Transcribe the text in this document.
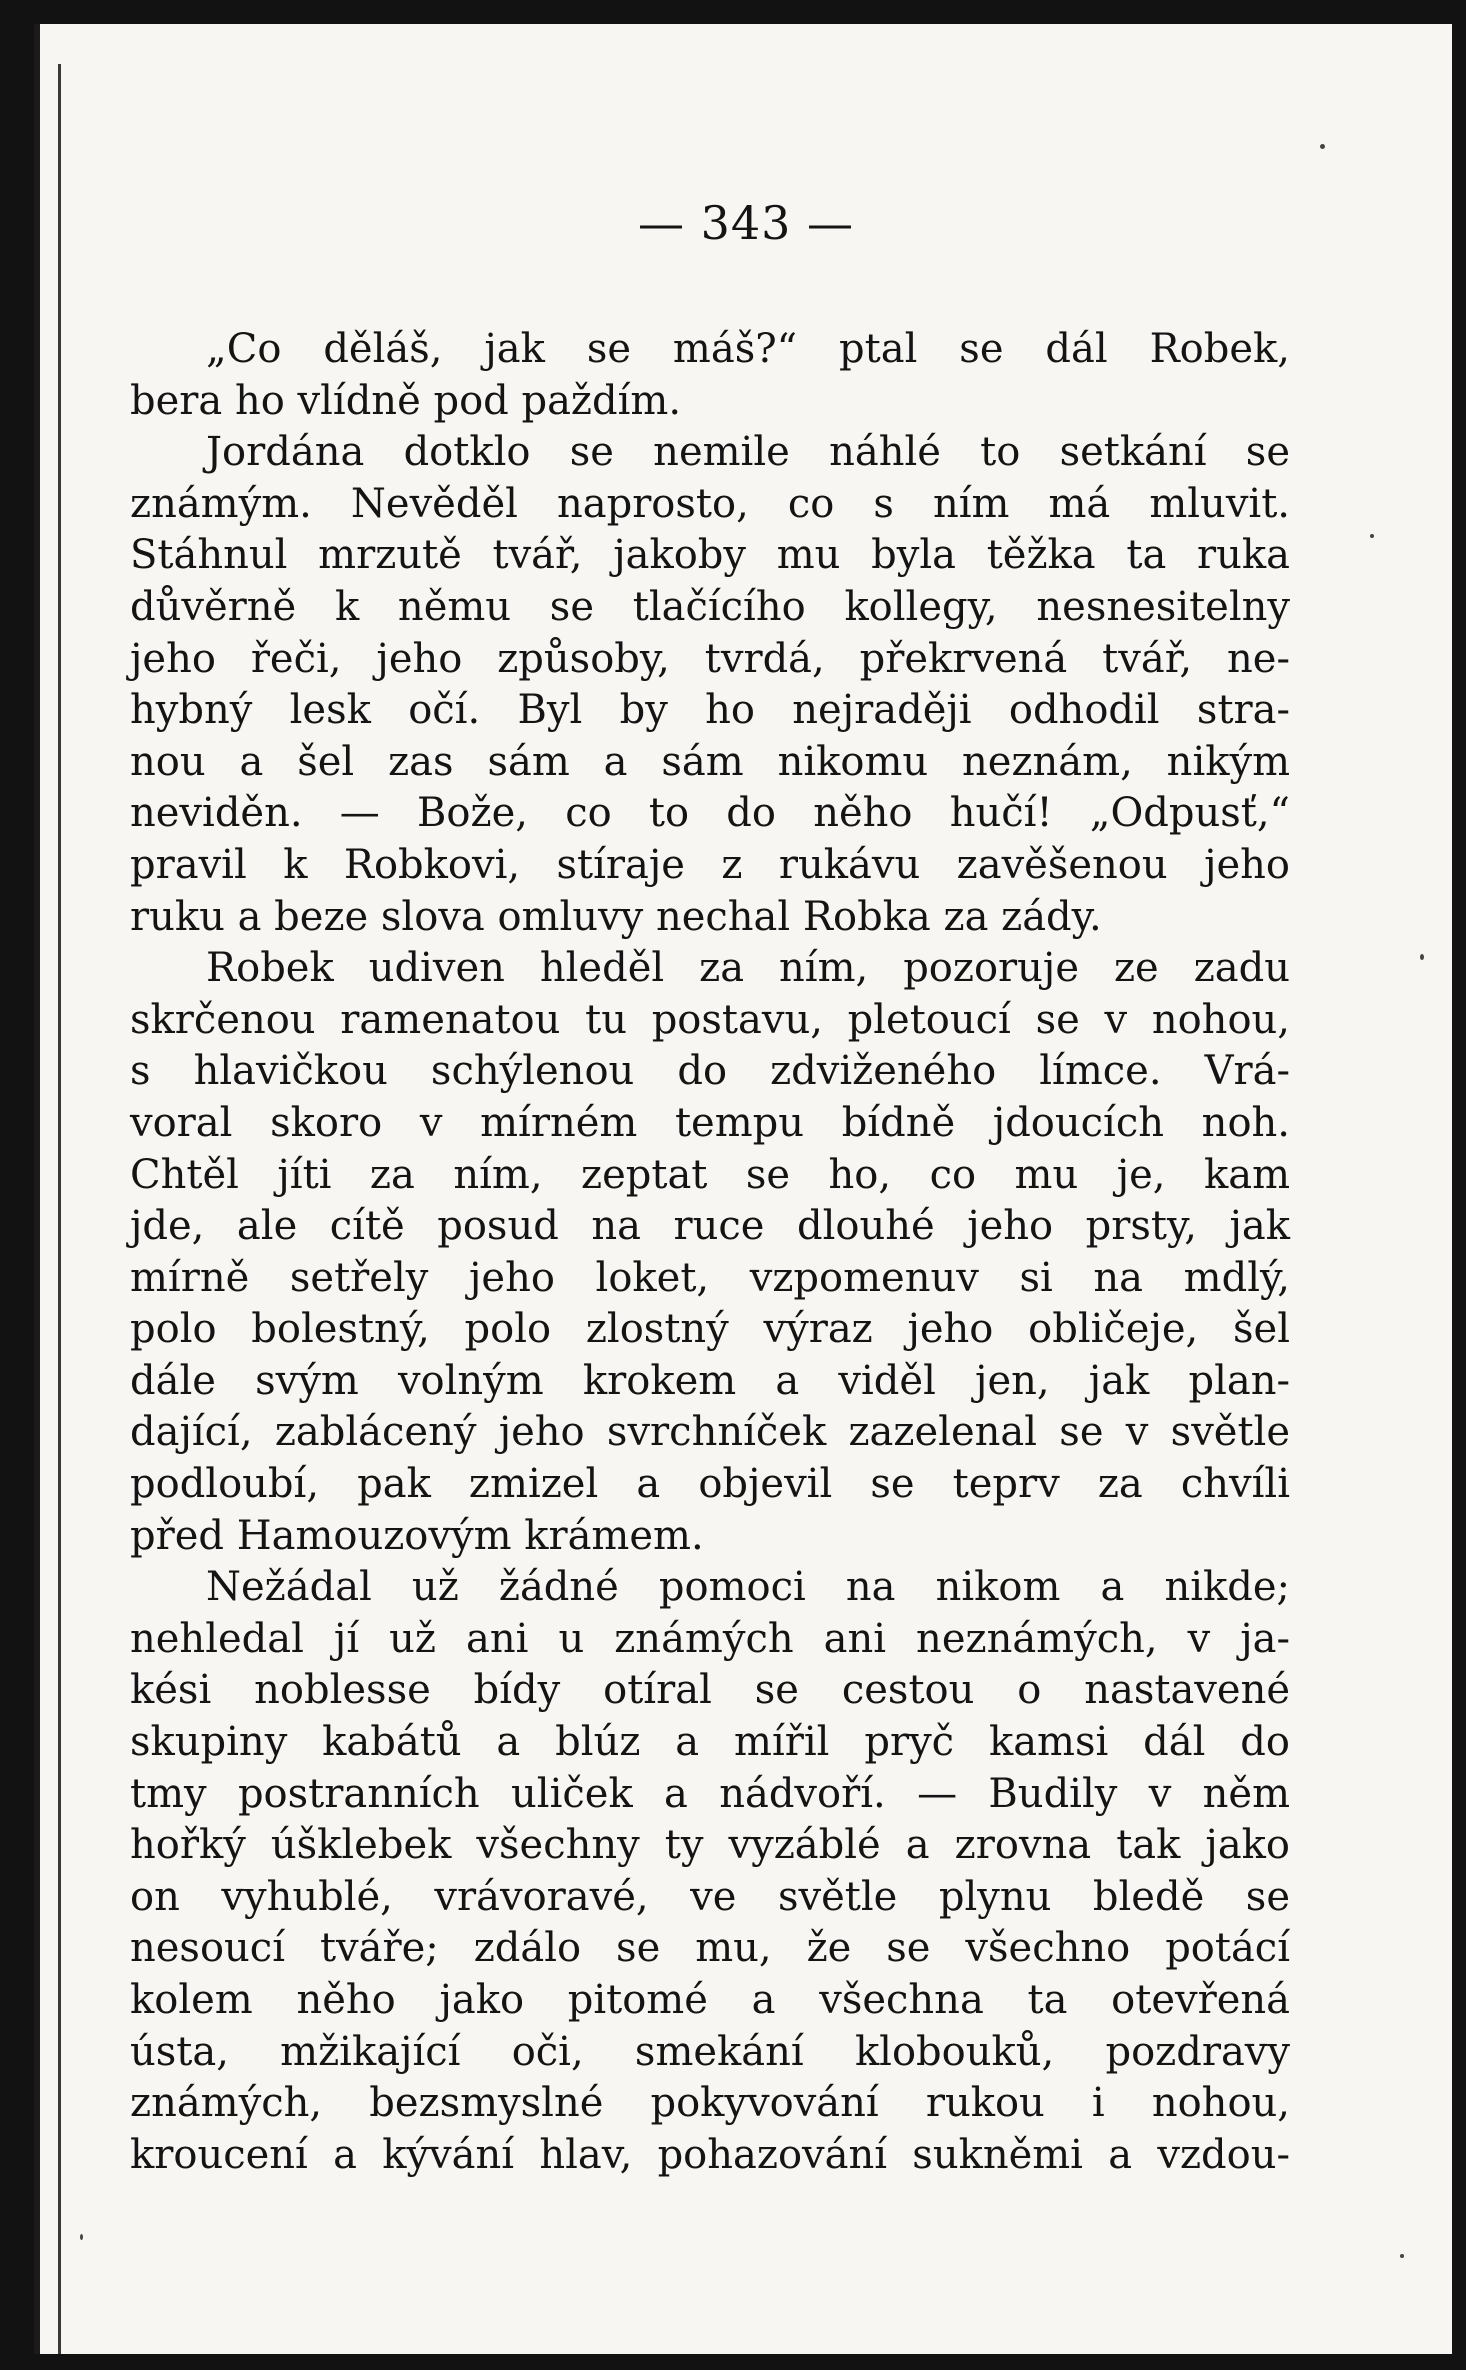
— 343 —
„Co děláš, jak se máš?“ ptal se dál Robek,
bera ho vlídně pod paždím.
Jordána dotklo se nemile náhlé to setkání se
známým. Nevěděl naprosto, co s ním má mluvit.
Stáhnul mrzutě tvář, jakoby mu byla těžka ta ruka
důvěrně k němu se tlačícího kollegy, nesnesitelny
jeho řeči, jeho způsoby, tvrdá, překrvená tvář, ne-
hybný lesk očí. Byl by ho nejraději odhodil stra-
nou a šel zas sám a sám nikomu neznám, nikým
neviděn. — Bože, co to do něho hučí! „Odpusť,“
pravil k Robkovi, stíraje z rukávu zavěšenou jeho
ruku a beze slova omluvy nechal Robka za zády.
Robek udiven hleděl za ním, pozoruje ze zadu
skrčenou ramenatou tu postavu, pletoucí se v nohou,
s hlavičkou schýlenou do zdviženého límce. Vrá-
voral skoro v mírném tempu bídně jdoucích noh.
Chtěl jíti za ním, zeptat se ho, co mu je, kam
jde, ale cítě posud na ruce dlouhé jeho prsty, jak
mírně setřely jeho loket, vzpomenuv si na mdlý,
polo bolestný, polo zlostný výraz jeho obličeje, šel
dále svým volným krokem a viděl jen, jak plan-
dající, zablácený jeho svrchníček zazelenal se v světle
podloubí, pak zmizel a objevil se teprv za chvíli
před Hamouzovým krámem.
Nežádal už žádné pomoci na nikom a nikde;
nehledal jí už ani u známých ani neznámých, v ja-
kési noblesse bídy otíral se cestou o nastavené
skupiny kabátů a blúz a mířil pryč kamsi dál do
tmy postranních uliček a nádvoří. — Budily v něm
hořký úšklebek všechny ty vyzáblé a zrovna tak jako
on vyhublé, vrávoravé, ve světle plynu bledě se
nesoucí tváře; zdálo se mu, že se všechno potácí
kolem něho jako pitomé a všechna ta otevřená
ústa, mžikající oči, smekání klobouků, pozdravy
známých, bezsmyslné pokyvování rukou i nohou,
kroucení a kývání hlav, pohazování sukněmi a vzdou-
